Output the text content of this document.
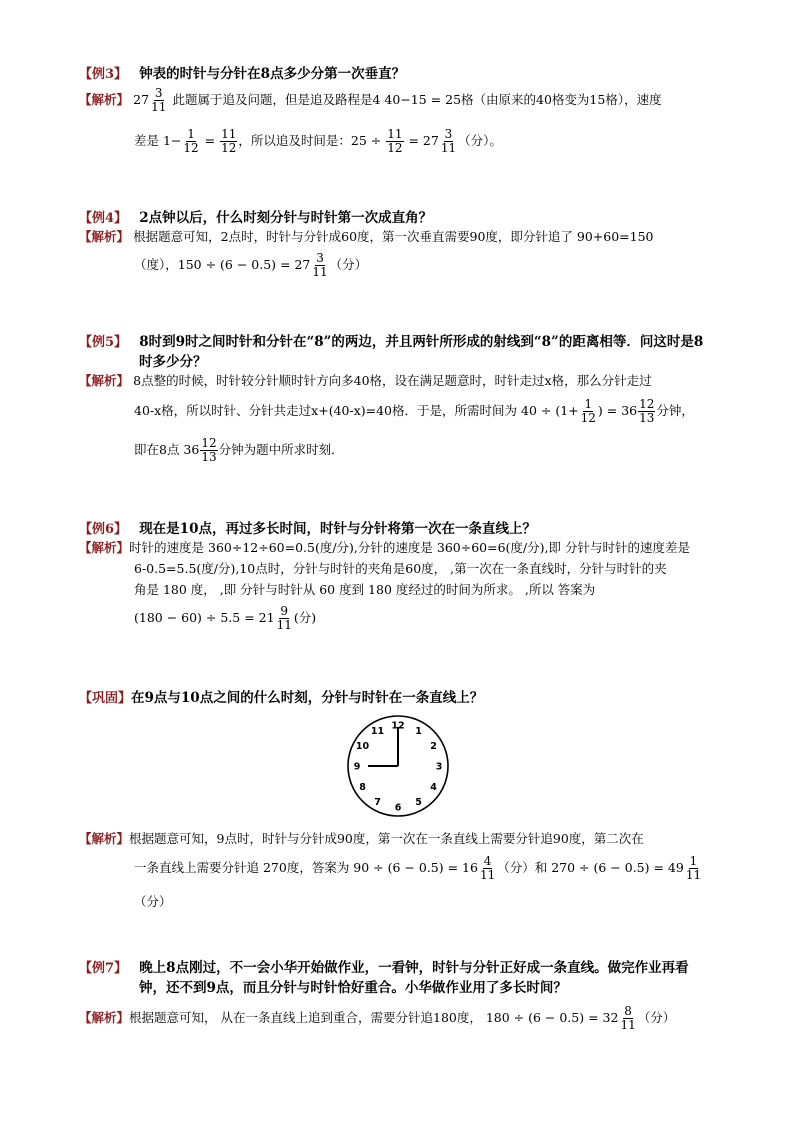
【例3】 钟表的时针与分针在8点多少分第一次垂直？
【解析】 $27 \frac{3}{11}$ 此题属于追及问题，但是追及路程是4 40−15 = 25格（由原来的40格变为15格），速度
差是 $1- \frac{1}{12} = \frac{11}{12}$ ，所以追及时间是：$25 \div \frac{11}{12} = 27 \frac{3}{11}$ （分）。
【例4】 2点钟以后，什么时刻分针与时针第一次成直角？
【解析】 根据题意可知，2点时，时针与分针成60度，第一次垂直需要90度，即分针追了 90+60=150
（度），$150 \div (6 - 0.5) = 27 \frac{3}{11}$ （分）
【例5】 8时到9时之间时针和分针在“8”的两边，并且两针所形成的射线到“8”的距离相等．问这时是8
时多少分？
【解析】 8点整的时候，时针较分针顺时针方向多40格，设在满足题意时，时针走过x格，那么分针走过
40-x格，所以时针、分针共走过x+(40-x)=40格．于是，所需时间为 $40 \div (1+ \frac{1}{12}$ ) = $36 \frac{12}{13}$ 分钟，
即在8点 $36 \frac{12}{13}$ 分钟为题中所求时刻．
【例6】 现在是10点，再过多长时间，时针与分针将第一次在一条直线上？
【解析】时针的速度是 360÷12÷60=0.5(度/分),分针的速度是 360÷60=6(度/分),即 分针与时针的速度差是
6-0.5=5.5(度/分),10点时，分针与时针的夹角是60度， ,第一次在一条直线时，分针与时针的夹
角是 180 度， ,即 分针与时针从 60 度到 180 度经过的时间为所求。 ,所以 答案为
$(180 - 60) \div 5.5 = 21 \frac{9}{11}$ (分)
【巩固】在9点与10点之间的什么时刻，分针与时针在一条直线上？
12 1
2
3
4
5
6
7
8
9
10
11
【解析】根据题意可知，9点时，时针与分针成90度，第一次在一条直线上需要分针追90度，第二次在
一条直线上需要分针追 270度，答案为 $90 \div (6 - 0.5) = 16 \frac{4}{11}$ （分）和 $270 \div (6 - 0.5) = 49 \frac{1}{11}$
（分）
【例7】 晚上8点刚过，不一会小华开始做作业，一看钟，时针与分针正好成一条直线。做完作业再看
钟，还不到9点，而且分针与时针恰好重合。小华做作业用了多长时间？
【解析】根据题意可知， 从在一条直线上追到重合，需要分针追180度， $180 \div (6 - 0.5) = 32 \frac{8}{11}$ （分）
